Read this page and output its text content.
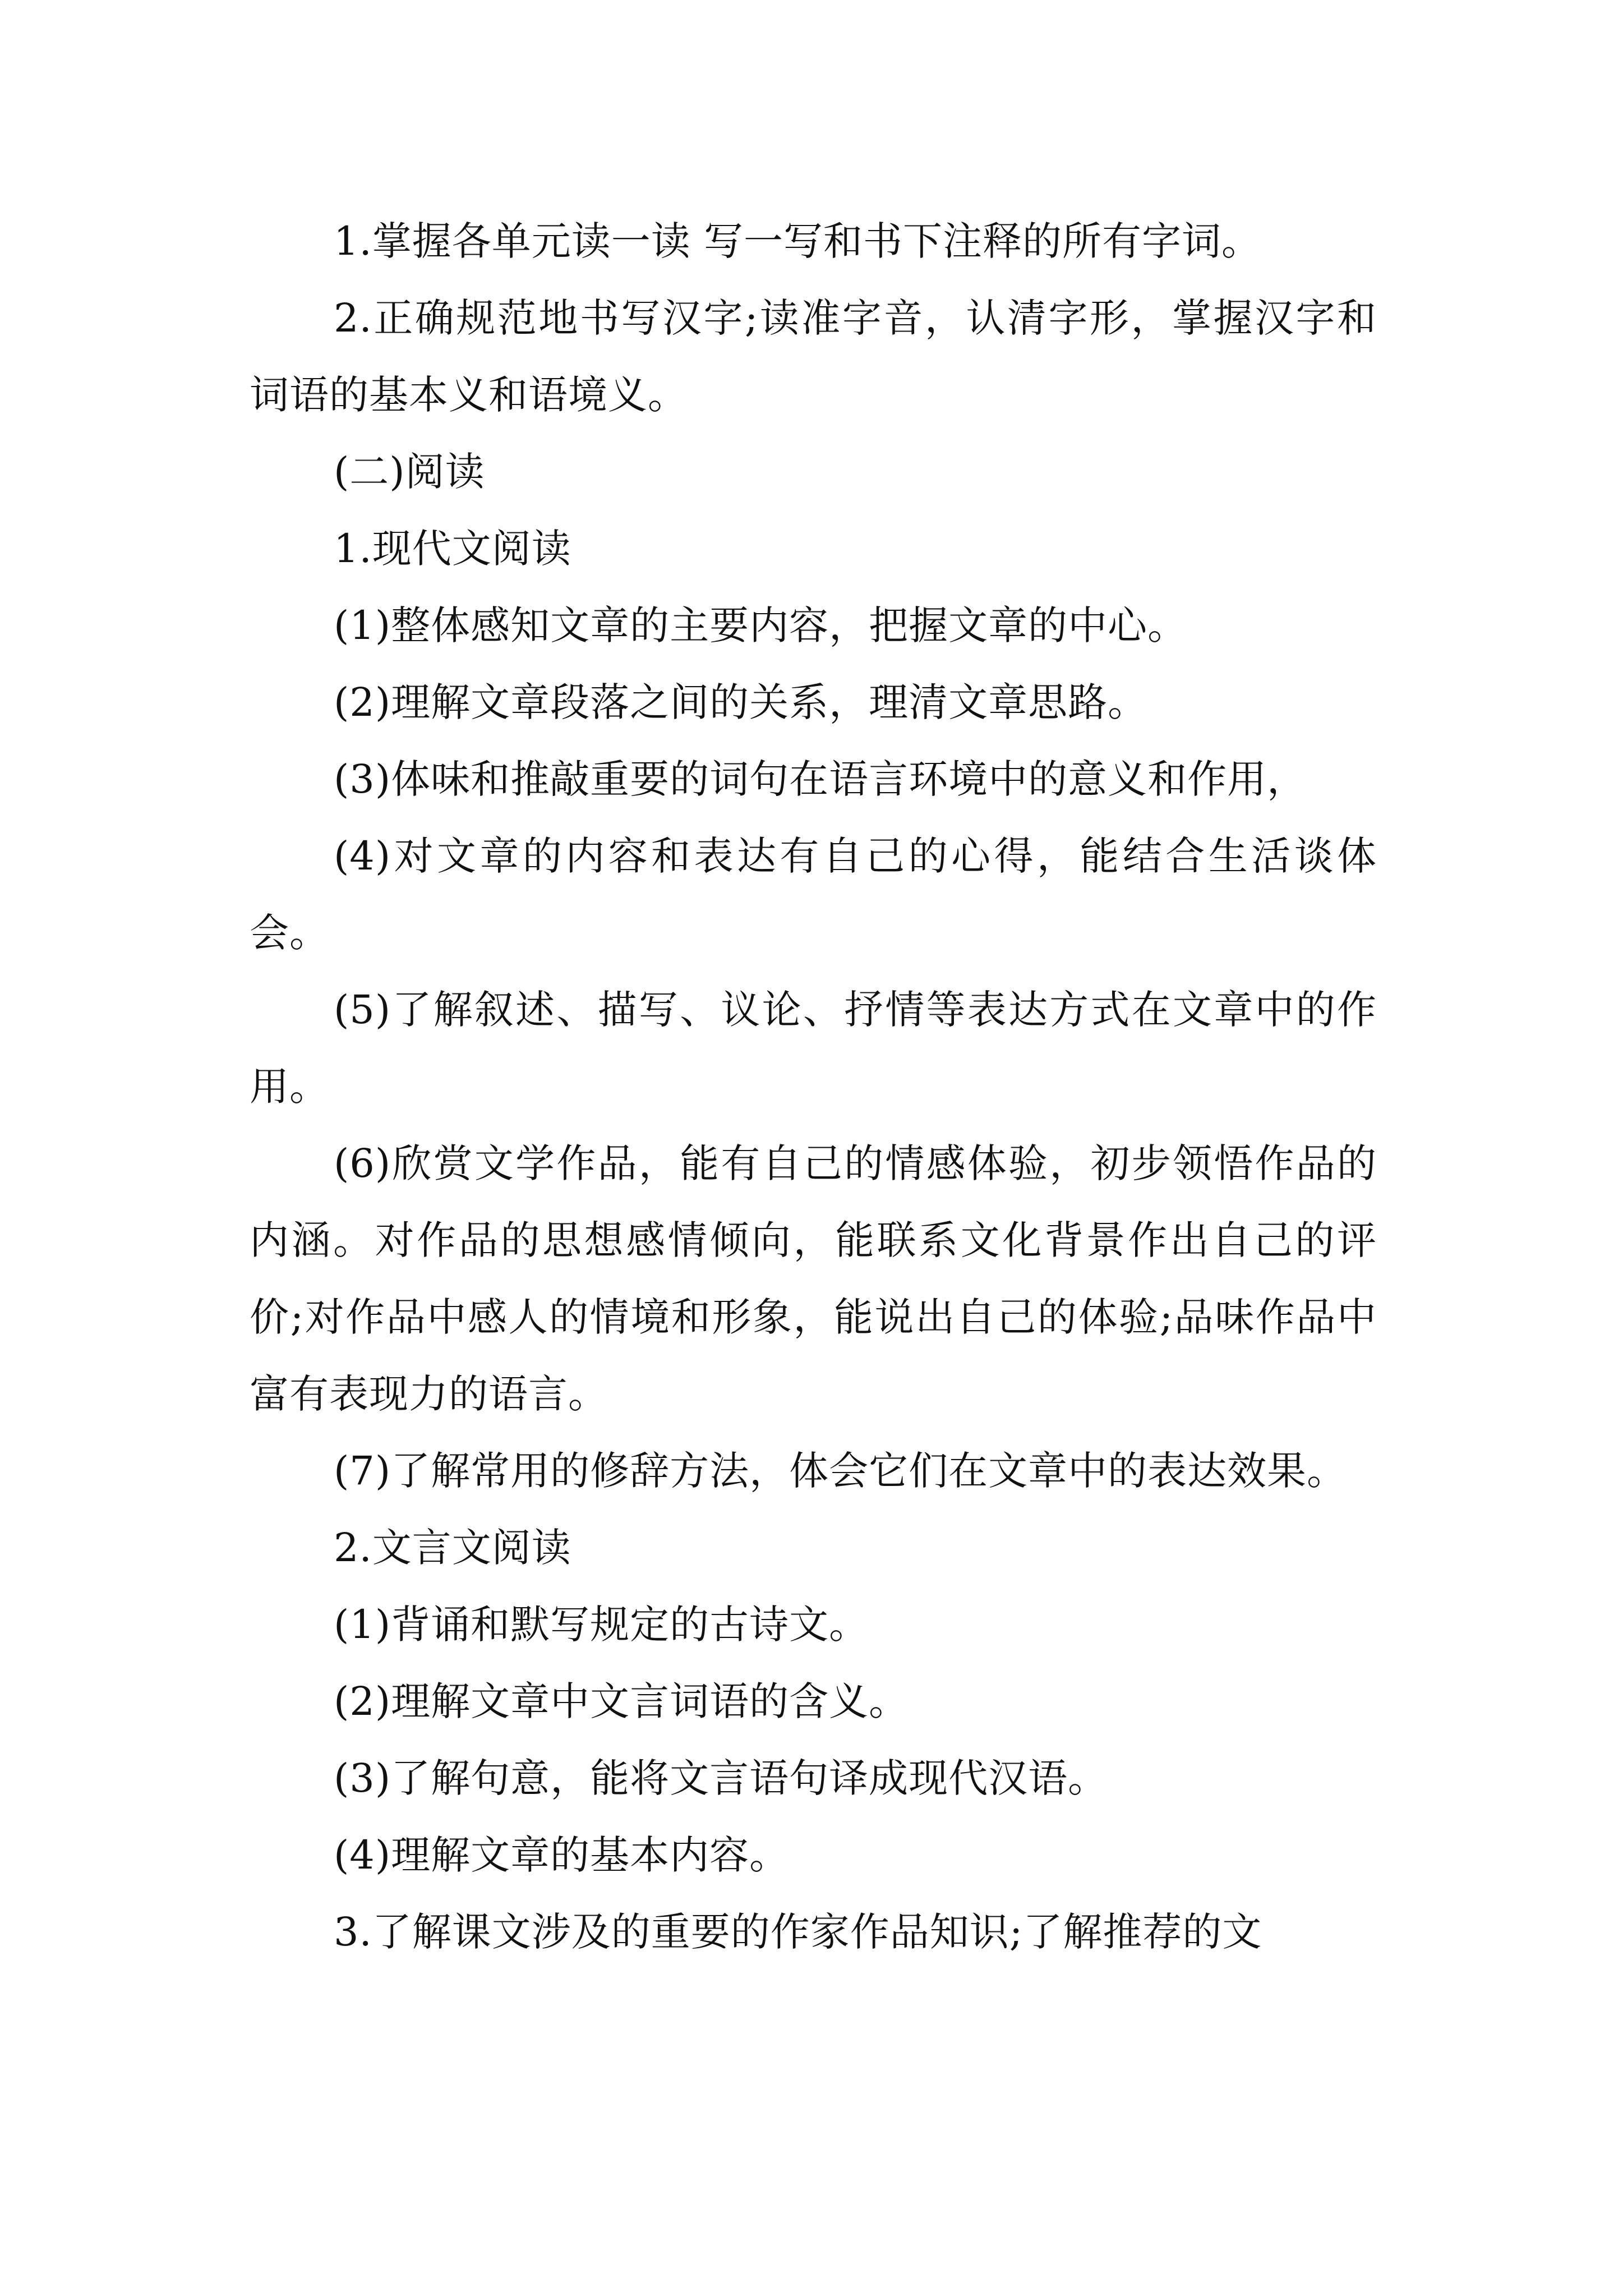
1.掌握各单元读一读 写一写和书下注释的所有字词。

2.正确规范地书写汉字;读准字音，认清字形，掌握汉字和词语的基本义和语境义。

(二)阅读

1.现代文阅读

(1)整体感知文章的主要内容，把握文章的中心。

(2)理解文章段落之间的关系，理清文章思路。

(3)体味和推敲重要的词句在语言环境中的意义和作用，

(4)对文章的内容和表达有自己的心得，能结合生活谈体会。

(5)了解叙述、描写、议论、抒情等表达方式在文章中的作用。

(6)欣赏文学作品，能有自己的情感体验，初步领悟作品的内涵。对作品的思想感情倾向，能联系文化背景作出自己的评价;对作品中感人的情境和形象，能说出自己的体验;品味作品中富有表现力的语言。

(7)了解常用的修辞方法，体会它们在文章中的表达效果。

2.文言文阅读

(1)背诵和默写规定的古诗文。

(2)理解文章中文言词语的含义。

(3)了解句意，能将文言语句译成现代汉语。

(4)理解文章的基本内容。

3.了解课文涉及的重要的作家作品知识;了解推荐的文
